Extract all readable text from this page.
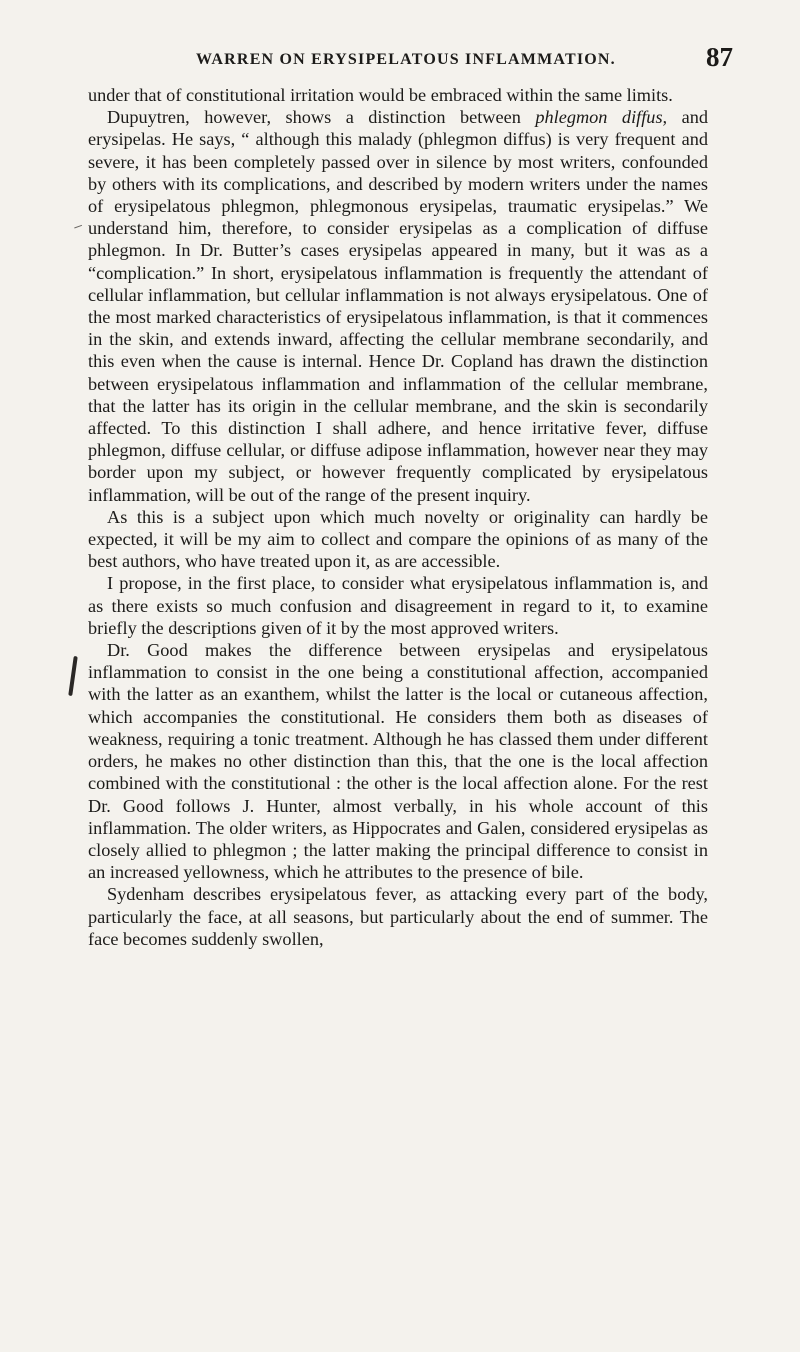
WARREN ON ERYSIPELATOUS INFLAMMATION.	87

under that of constitutional irritation would be embraced within the same limits.

Dupuytren, however, shows a distinction between phlegmon diffus, and erysipelas. He says, “ although this malady (phlegmon diffus) is very frequent and severe, it has been completely passed over in silence by most writers, confounded by others with its complications, and described by modern writers under the names of erysipelatous phlegmon, phlegmonous erysipelas, traumatic erysipelas.” We understand him, therefore, to consider erysipelas as a complication of diffuse phlegmon. In Dr. Butter’s cases erysipelas appeared in many, but it was as a “complication.” In short, erysipelatous inflammation is frequently the attendant of cellular inflammation, but cellular inflammation is not always erysipelatous. One of the most marked characteristics of erysipelatous inflammation, is that it commences in the skin, and extends inward, affecting the cellular membrane secondarily, and this even when the cause is internal. Hence Dr. Copland has drawn the distinction between erysipelatous inflammation and inflammation of the cellular membrane, that the latter has its origin in the cellular membrane, and the skin is secondarily affected. To this distinction I shall adhere, and hence irritative fever, diffuse phlegmon, diffuse cellular, or diffuse adipose inflammation, however near they may border upon my subject, or however frequently complicated by erysipelatous inflammation, will be out of the range of the present inquiry.

As this is a subject upon which much novelty or originality can hardly be expected, it will be my aim to collect and compare the opinions of as many of the best authors, who have treated upon it, as are accessible.

I propose, in the first place, to consider what erysipelatous inflammation is, and as there exists so much confusion and disagreement in regard to it, to examine briefly the descriptions given of it by the most approved writers.

Dr. Good makes the difference between erysipelas and erysipelatous inflammation to consist in the one being a constitutional affection, accompanied with the latter as an exanthem, whilst the latter is the local or cutaneous affection, which accompanies the constitutional. He considers them both as diseases of weakness, requiring a tonic treatment. Although he has classed them under different orders, he makes no other distinction than this, that the one is the local affection combined with the constitutional : the other is the local affection alone. For the rest Dr. Good follows J. Hunter, almost verbally, in his whole account of this inflammation. The older writers, as Hippocrates and Galen, considered erysipelas as closely allied to phlegmon ; the latter making the principal difference to consist in an increased yellowness, which he attributes to the presence of bile.

Sydenham describes erysipelatous fever, as attacking every part of the body, particularly the face, at all seasons, but particularly about the end of summer. The face becomes suddenly swollen,
